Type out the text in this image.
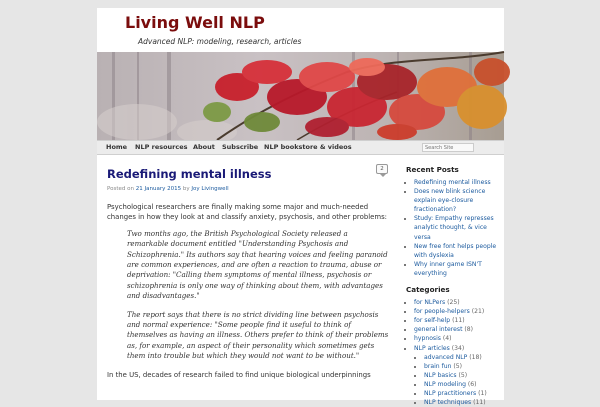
Living Well NLP
Advanced NLP: modeling, research, articles
Home NLP resources About Subscribe NLP bookstore & videos
Search Site
Redefining mental illness	2
Posted on 21 January 2015 by Joy Livingwell

Psychological researchers are finally making some major and much-needed changes in how they look at and classify anxiety, psychosis, and other problems:

Two months ago, the British Psychological Society released a remarkable document entitled "Understanding Psychosis and Schizophrenia." Its authors say that hearing voices and feeling paranoid are common experiences, and are often a reaction to trauma, abuse or deprivation: "Calling them symptoms of mental illness, psychosis or schizophrenia is only one way of thinking about them, with advantages and disadvantages."

The report says that there is no strict dividing line between psychosis and normal experience: "Some people find it useful to think of themselves as having an illness. Others prefer to think of their problems as, for example, an aspect of their personality which sometimes gets them into trouble but which they would not want to be without."

In the US, decades of research failed to find unique biological underpinnings

Recent Posts
▪ Redefining mental illness
▪ Does new blink science explain eye-closure fractionation?
▪ Study: Empathy represses analytic thought, & vice versa
▪ New free font helps people with dyslexia
▪ Why inner game ISN'T everything
Categories
▪ for NLPers (25)
▪ for people-helpers (21)
▪ for self-help (11)
▪ general interest (8)
▪ hypnosis (4)
▪ NLP articles (34)
▪ advanced NLP (18)
▪ brain fun (5)
▪ NLP basics (5)
▪ NLP modeling (6)
▪ NLP practitioners (1)
▪ NLP techniques (11)
